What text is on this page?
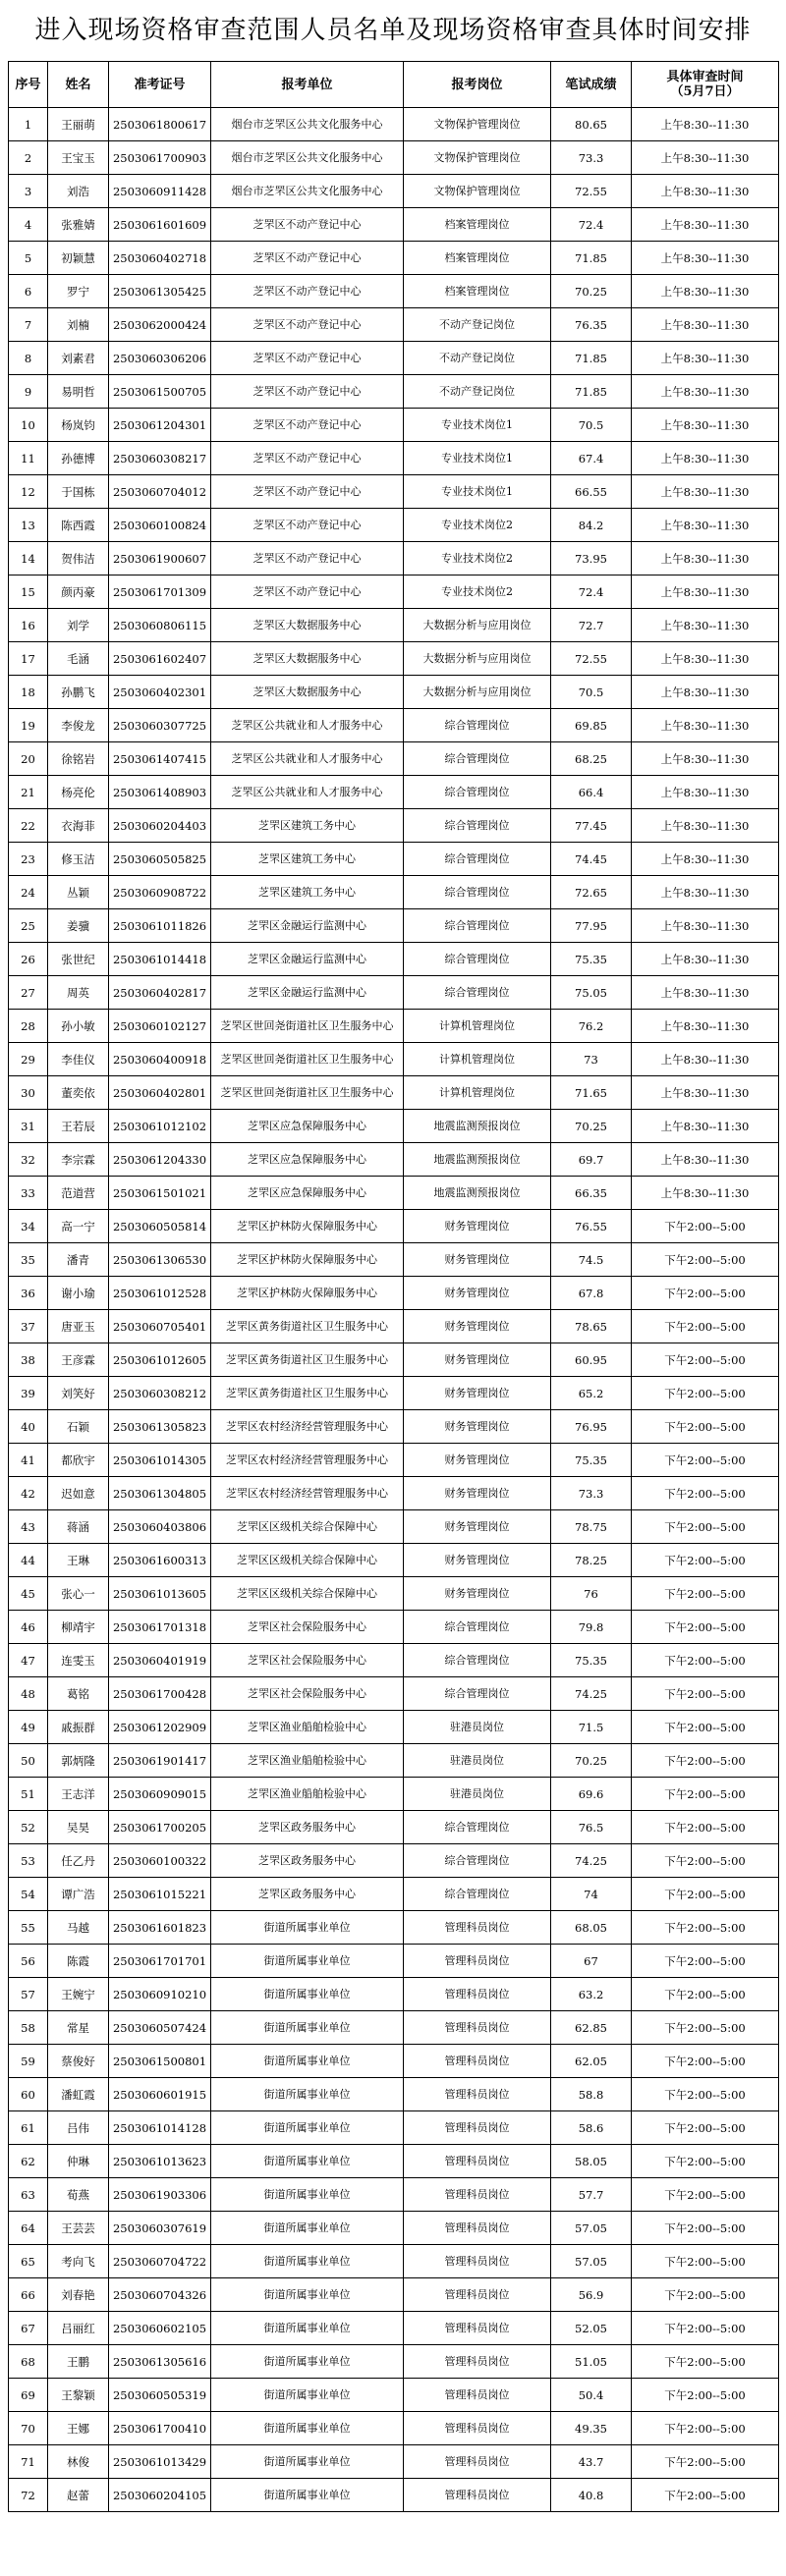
进入现场资格审查范围人员名单及现场资格审查具体时间安排
序号	姓名	准考证号	报考单位	报考岗位	笔试成绩	具体审查时间
（5月7日）

1	王丽萌	2503061800617	烟台市芝罘区公共文化服务中心	文物保护管理岗位	80.65	上午8:30--11:30
2	王宝玉	2503061700903	烟台市芝罘区公共文化服务中心	文物保护管理岗位	73.3	上午8:30--11:30
3	刘浩	2503060911428	烟台市芝罘区公共文化服务中心	文物保护管理岗位	72.55	上午8:30--11:30
4	张雅婧	2503061601609	芝罘区不动产登记中心	档案管理岗位	72.4	上午8:30--11:30
5	初颖慧	2503060402718	芝罘区不动产登记中心	档案管理岗位	71.85	上午8:30--11:30
6	罗宁	2503061305425	芝罘区不动产登记中心	档案管理岗位	70.25	上午8:30--11:30
7	刘楠	2503062000424	芝罘区不动产登记中心	不动产登记岗位	76.35	上午8:30--11:30
8	刘素君	2503060306206	芝罘区不动产登记中心	不动产登记岗位	71.85	上午8:30--11:30
9	易明哲	2503061500705	芝罘区不动产登记中心	不动产登记岗位	71.85	上午8:30--11:30
10	杨岚钧	2503061204301	芝罘区不动产登记中心	专业技术岗位1	70.5	上午8:30--11:30
11	孙德博	2503060308217	芝罘区不动产登记中心	专业技术岗位1	67.4	上午8:30--11:30
12	于国栋	2503060704012	芝罘区不动产登记中心	专业技术岗位1	66.55	上午8:30--11:30
13	陈西霞	2503060100824	芝罘区不动产登记中心	专业技术岗位2	84.2	上午8:30--11:30
14	贺伟洁	2503061900607	芝罘区不动产登记中心	专业技术岗位2	73.95	上午8:30--11:30
15	颜丙豪	2503061701309	芝罘区不动产登记中心	专业技术岗位2	72.4	上午8:30--11:30
16	刘学	2503060806115	芝罘区大数据服务中心	大数据分析与应用岗位	72.7	上午8:30--11:30
17	毛涵	2503061602407	芝罘区大数据服务中心	大数据分析与应用岗位	72.55	上午8:30--11:30
18	孙鹏飞	2503060402301	芝罘区大数据服务中心	大数据分析与应用岗位	70.5	上午8:30--11:30
19	李俊龙	2503060307725	芝罘区公共就业和人才服务中心	综合管理岗位	69.85	上午8:30--11:30
20	徐铭岩	2503061407415	芝罘区公共就业和人才服务中心	综合管理岗位	68.25	上午8:30--11:30
21	杨亮伦	2503061408903	芝罘区公共就业和人才服务中心	综合管理岗位	66.4	上午8:30--11:30
22	衣海菲	2503060204403	芝罘区建筑工务中心	综合管理岗位	77.45	上午8:30--11:30
23	修玉洁	2503060505825	芝罘区建筑工务中心	综合管理岗位	74.45	上午8:30--11:30
24	丛颖	2503060908722	芝罘区建筑工务中心	综合管理岗位	72.65	上午8:30--11:30
25	姜骥	2503061011826	芝罘区金融运行监测中心	综合管理岗位	77.95	上午8:30--11:30
26	张世纪	2503061014418	芝罘区金融运行监测中心	综合管理岗位	75.35	上午8:30--11:30
27	周英	2503060402817	芝罘区金融运行监测中心	综合管理岗位	75.05	上午8:30--11:30
28	孙小敏	2503060102127	芝罘区世回尧街道社区卫生服务中心	计算机管理岗位	76.2	上午8:30--11:30
29	李佳仪	2503060400918	芝罘区世回尧街道社区卫生服务中心	计算机管理岗位	73	上午8:30--11:30
30	董奕依	2503060402801	芝罘区世回尧街道社区卫生服务中心	计算机管理岗位	71.65	上午8:30--11:30
31	王若辰	2503061012102	芝罘区应急保障服务中心	地震监测预报岗位	70.25	上午8:30--11:30
32	李宗霖	2503061204330	芝罘区应急保障服务中心	地震监测预报岗位	69.7	上午8:30--11:30
33	范道营	2503061501021	芝罘区应急保障服务中心	地震监测预报岗位	66.35	上午8:30--11:30
34	高一宁	2503060505814	芝罘区护林防火保障服务中心	财务管理岗位	76.55	下午2:00--5:00
35	潘青	2503061306530	芝罘区护林防火保障服务中心	财务管理岗位	74.5	下午2:00--5:00
36	谢小瑜	2503061012528	芝罘区护林防火保障服务中心	财务管理岗位	67.8	下午2:00--5:00
37	唐亚玉	2503060705401	芝罘区黄务街道社区卫生服务中心	财务管理岗位	78.65	下午2:00--5:00
38	王彦霖	2503061012605	芝罘区黄务街道社区卫生服务中心	财务管理岗位	60.95	下午2:00--5:00
39	刘笑好	2503060308212	芝罘区黄务街道社区卫生服务中心	财务管理岗位	65.2	下午2:00--5:00
40	石颖	2503061305823	芝罘区农村经济经营管理服务中心	财务管理岗位	76.95	下午2:00--5:00
41	都欣宇	2503061014305	芝罘区农村经济经营管理服务中心	财务管理岗位	75.35	下午2:00--5:00
42	迟如意	2503061304805	芝罘区农村经济经营管理服务中心	财务管理岗位	73.3	下午2:00--5:00
43	蒋涵	2503060403806	芝罘区区级机关综合保障中心	财务管理岗位	78.75	下午2:00--5:00
44	王琳	2503061600313	芝罘区区级机关综合保障中心	财务管理岗位	78.25	下午2:00--5:00
45	张心一	2503061013605	芝罘区区级机关综合保障中心	财务管理岗位	76	下午2:00--5:00
46	柳靖宇	2503061701318	芝罘区社会保险服务中心	综合管理岗位	79.8	下午2:00--5:00
47	连雯玉	2503060401919	芝罘区社会保险服务中心	综合管理岗位	75.35	下午2:00--5:00
48	葛铭	2503061700428	芝罘区社会保险服务中心	综合管理岗位	74.25	下午2:00--5:00
49	戚振群	2503061202909	芝罘区渔业船舶检验中心	驻港员岗位	71.5	下午2:00--5:00
50	郭炳隆	2503061901417	芝罘区渔业船舶检验中心	驻港员岗位	70.25	下午2:00--5:00
51	王志洋	2503060909015	芝罘区渔业船舶检验中心	驻港员岗位	69.6	下午2:00--5:00
52	吴昊	2503061700205	芝罘区政务服务中心	综合管理岗位	76.5	下午2:00--5:00
53	任乙丹	2503060100322	芝罘区政务服务中心	综合管理岗位	74.25	下午2:00--5:00
54	谭广浩	2503061015221	芝罘区政务服务中心	综合管理岗位	74	下午2:00--5:00
55	马越	2503061601823	街道所属事业单位	管理科员岗位	68.05	下午2:00--5:00
56	陈霞	2503061701701	街道所属事业单位	管理科员岗位	67	下午2:00--5:00
57	王婉宁	2503060910210	街道所属事业单位	管理科员岗位	63.2	下午2:00--5:00
58	常星	2503060507424	街道所属事业单位	管理科员岗位	62.85	下午2:00--5:00
59	蔡俊好	2503061500801	街道所属事业单位	管理科员岗位	62.05	下午2:00--5:00
60	潘虹霞	2503060601915	街道所属事业单位	管理科员岗位	58.8	下午2:00--5:00
61	吕伟	2503061014128	街道所属事业单位	管理科员岗位	58.6	下午2:00--5:00
62	仲琳	2503061013623	街道所属事业单位	管理科员岗位	58.05	下午2:00--5:00
63	荀燕	2503061903306	街道所属事业单位	管理科员岗位	57.7	下午2:00--5:00
64	王芸芸	2503060307619	街道所属事业单位	管理科员岗位	57.05	下午2:00--5:00
65	考向飞	2503060704722	街道所属事业单位	管理科员岗位	57.05	下午2:00--5:00
66	刘春艳	2503060704326	街道所属事业单位	管理科员岗位	56.9	下午2:00--5:00
67	吕丽红	2503060602105	街道所属事业单位	管理科员岗位	52.05	下午2:00--5:00
68	王鹏	2503061305616	街道所属事业单位	管理科员岗位	51.05	下午2:00--5:00
69	王黎颖	2503060505319	街道所属事业单位	管理科员岗位	50.4	下午2:00--5:00
70	王娜	2503061700410	街道所属事业单位	管理科员岗位	49.35	下午2:00--5:00
71	林俊	2503061013429	街道所属事业单位	管理科员岗位	43.7	下午2:00--5:00
72	赵蕾	2503060204105	街道所属事业单位	管理科员岗位	40.8	下午2:00--5:00
